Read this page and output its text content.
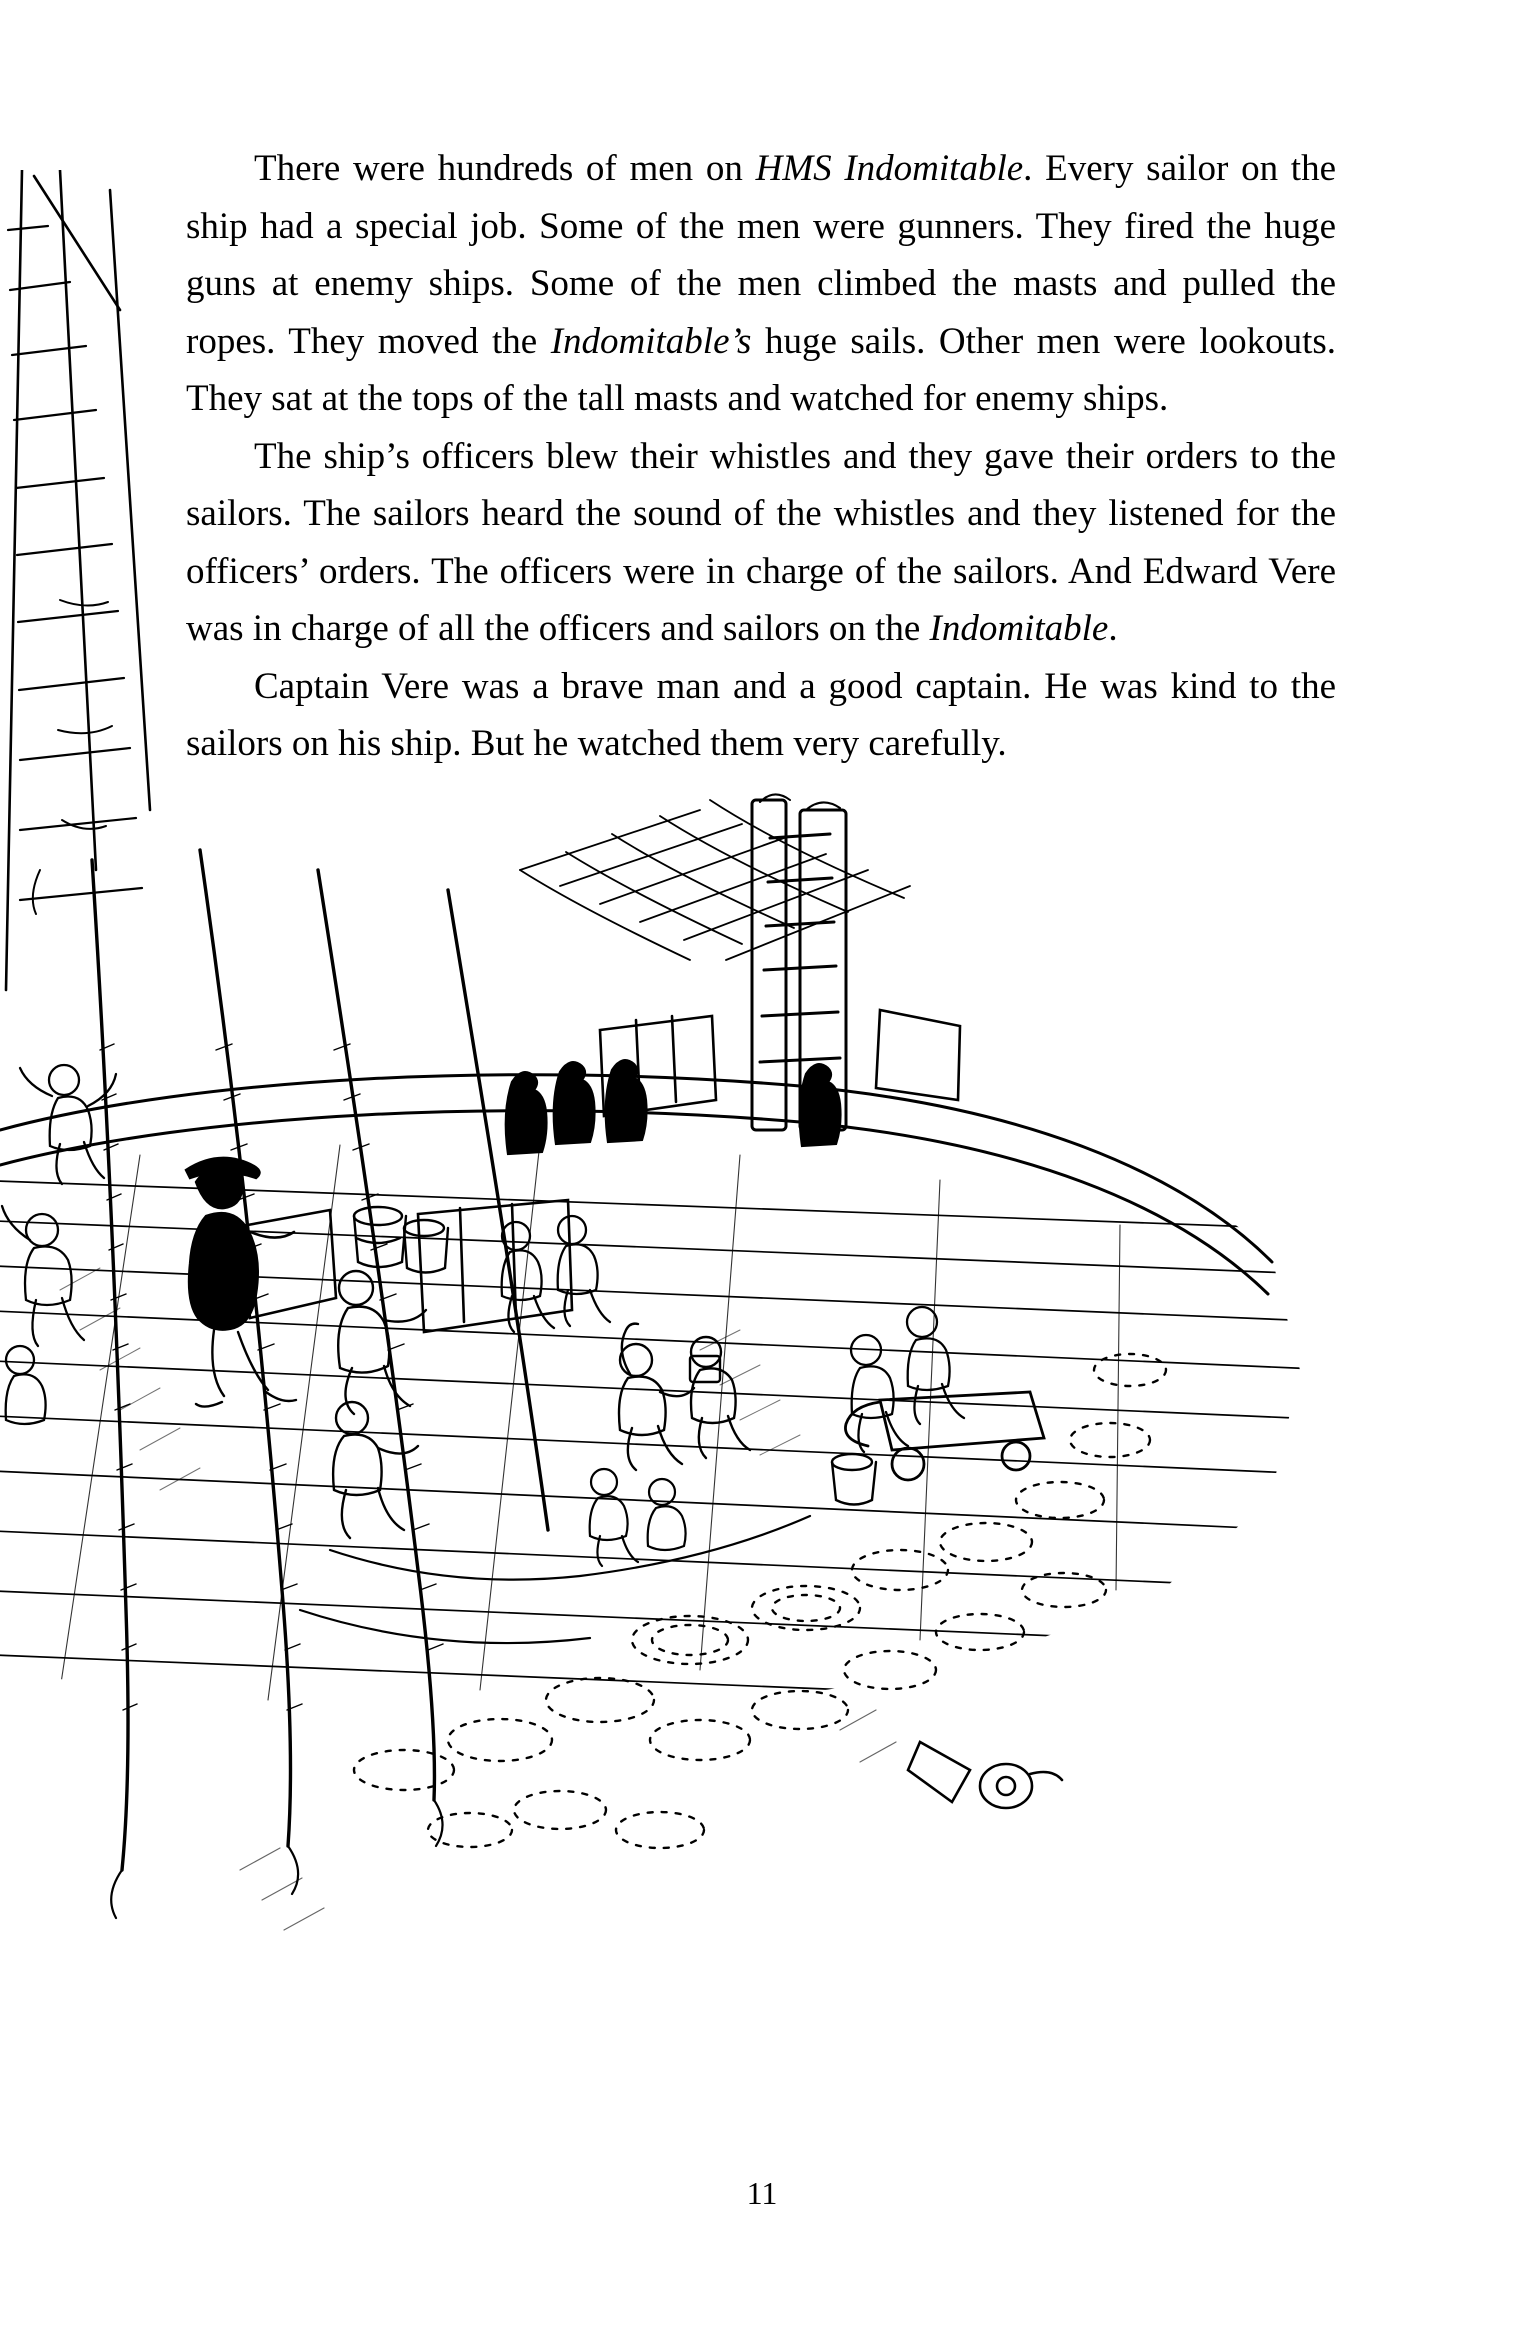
There were hundreds of men on HMS Indomitable. Every sailor on the ship had a special job. Some of the men were gunners. They fired the huge guns at enemy ships. Some of the men climbed the masts and pulled the ropes. They moved the Indomitable’s huge sails. Other men were lookouts. They sat at the tops of the tall masts and watched for enemy ships.

The ship’s officers blew their whistles and they gave their orders to the sailors. The sailors heard the sound of the whistles and they listened for the officers’ orders. The officers were in charge of the sailors. And Edward Vere was in charge of all the officers and sailors on the Indomitable.

Captain Vere was a brave man and a good captain. He was kind to the sailors on his ship. But he watched them very carefully.

11
